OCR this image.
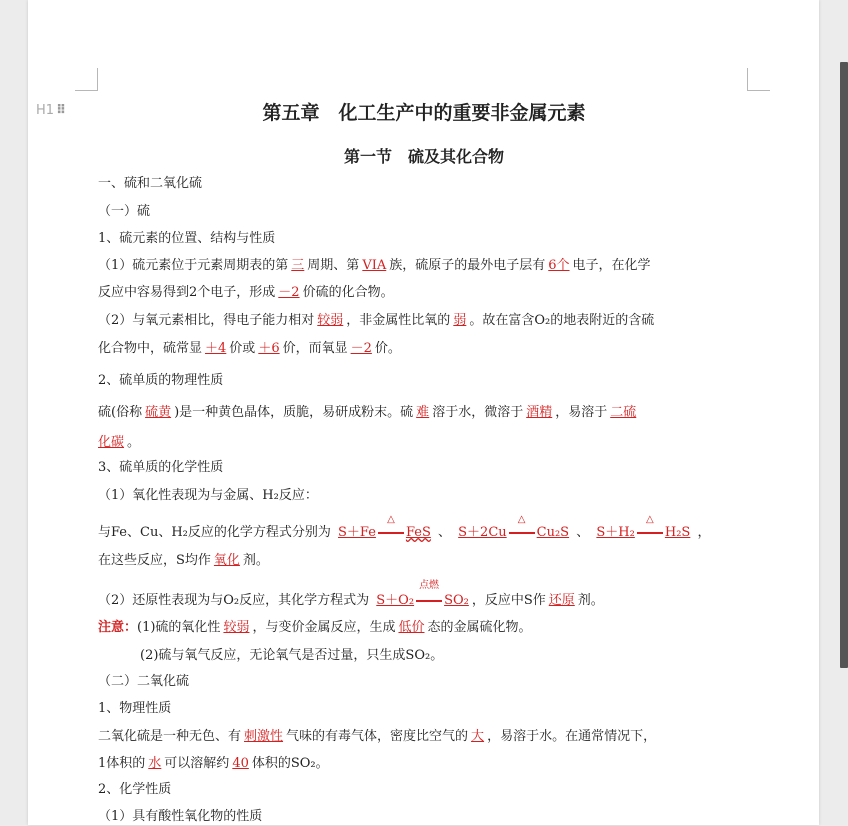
H1 ⠿	第五章　化工生产中的重要非金属元素
第一节　硫及其化合物
一、硫和二氧化硫
（一）硫
1、硫元素的位置、结构与性质
（1）硫元素位于元素周期表的第 三 周期、第 VIA 族，硫原子的最外电子层有 6个 电子，在化学
反应中容易得到2个电子，形成 －2 价硫的化合物。
（2）与氧元素相比，得电子能力相对 较弱 ，非金属性比氧的 弱 。故在富含O₂的地表附近的含硫
化合物中，硫常显 ＋4 价或 ＋6 价，而氧显 －2 价。
2、硫单质的物理性质
硫(俗称 硫黄 )是一种黄色晶体，质脆，易研成粉末。硫 难 溶于水，微溶于 酒精 ，易溶于 二硫
化碳 。
3、硫单质的化学性质
（1）氧化性表现为与金属、H₂反应：
与Fe、Cu、H₂反应的化学方程式分别为 S＋Fe
△
FeS 、 S＋2Cu
△
Cu₂S 、 S＋H₂
△
H₂S ，
在这些反应，S均作 氧化 剂。
（2）还原性表现为与O₂反应，其化学方程式为 S＋O₂
点燃
SO₂ ，反应中S作 还原 剂。
注意：(1)硫的氧化性 较弱 ，与变价金属反应，生成 低价 态的金属硫化物。
(2)硫与氧气反应，无论氧气是否过量，只生成SO₂。
（二）二氧化硫
1、物理性质
二氧化硫是一种无色、有 刺激性 气味的有毒气体，密度比空气的 大 ，易溶于水。在通常情况下，
1体积的 水 可以溶解约 40 体积的SO₂。
2、化学性质
（1）具有酸性氧化物的性质
